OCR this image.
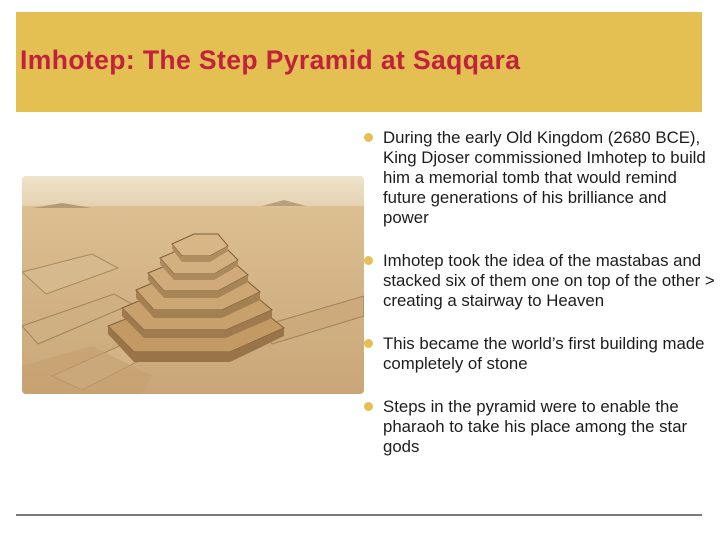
Imhotep: The Step Pyramid at Saqqara
During the early Old Kingdom (2680 BCE), King Djoser commissioned Imhotep to build him a memorial tomb that would remind future generations of his brilliance and power
Imhotep took the idea of the mastabas and stacked six of them one on top of the other > creating a stairway to Heaven
This became the world’s first building made completely of stone
Steps in the pyramid were to enable the pharaoh to take his place among the star gods
